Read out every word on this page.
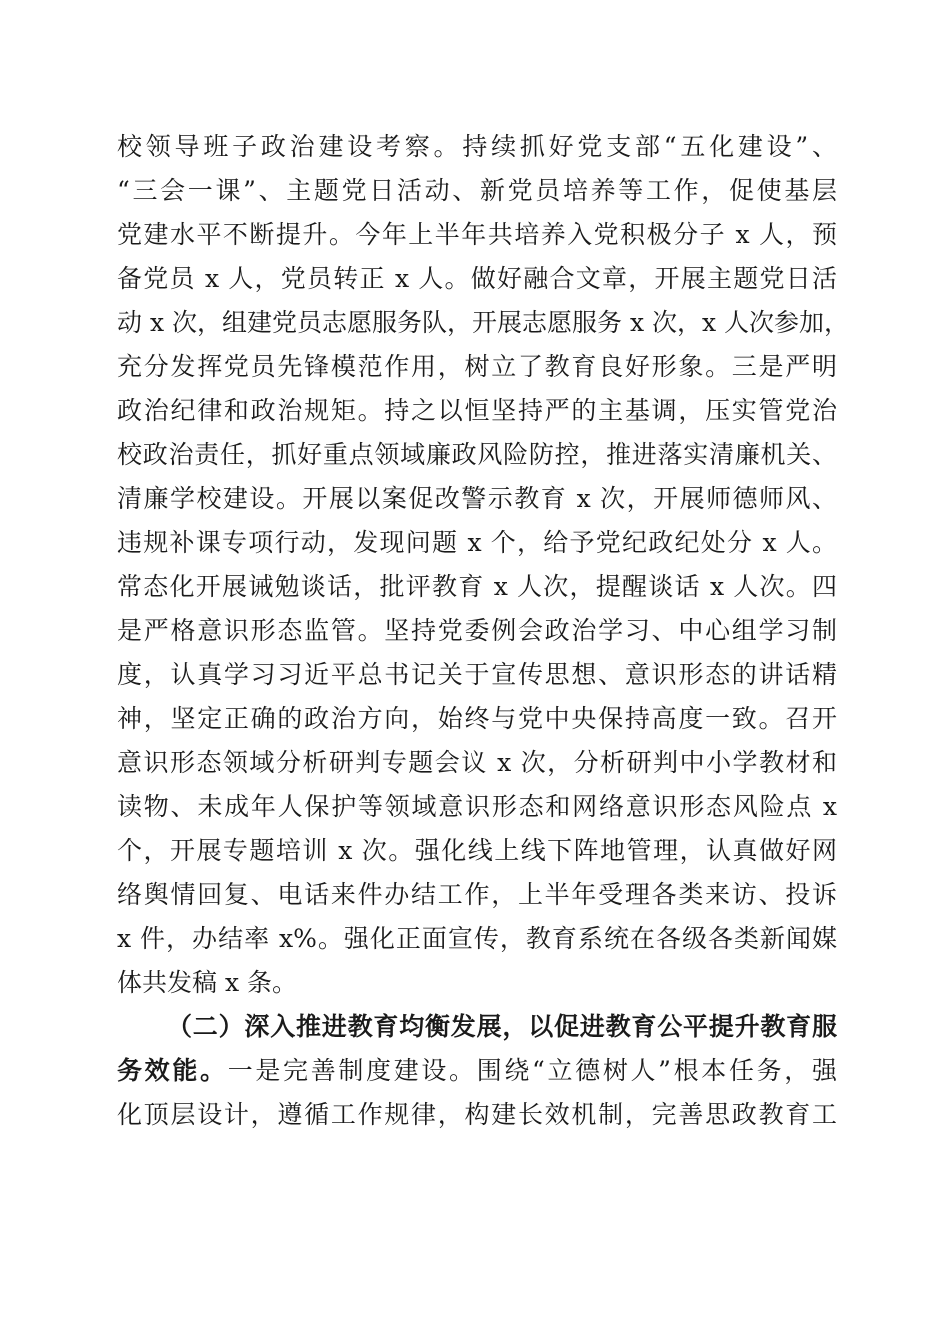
校领导班子政治建设考察。持续抓好党支部“五化建设”、
“三会一课”、主题党日活动、新党员培养等工作，促使基层
党建水平不断提升。今年上半年共培养入党积极分子 x 人，预
备党员 x 人，党员转正 x 人。做好融合文章，开展主题党日活
动 x 次，组建党员志愿服务队，开展志愿服务 x 次，x 人次参加，
充分发挥党员先锋模范作用，树立了教育良好形象。三是严明
政治纪律和政治规矩。持之以恒坚持严的主基调，压实管党治
校政治责任，抓好重点领域廉政风险防控，推进落实清廉机关、
清廉学校建设。开展以案促改警示教育 x 次，开展师德师风、
违规补课专项行动，发现问题 x 个，给予党纪政纪处分 x 人。
常态化开展诫勉谈话，批评教育 x 人次，提醒谈话 x 人次。四
是严格意识形态监管。坚持党委例会政治学习、中心组学习制
度，认真学习习近平总书记关于宣传思想、意识形态的讲话精
神，坚定正确的政治方向，始终与党中央保持高度一致。召开
意识形态领域分析研判专题会议 x 次，分析研判中小学教材和
读物、未成年人保护等领域意识形态和网络意识形态风险点 x
个，开展专题培训 x 次。强化线上线下阵地管理，认真做好网
络舆情回复、电话来件办结工作，上半年受理各类来访、投诉
x 件，办结率 x%。强化正面宣传，教育系统在各级各类新闻媒
体共发稿 x 条。
（二）深入推进教育均衡发展，以促进教育公平提升教育服
务效能。一是完善制度建设。围绕“立德树人”根本任务，强
化顶层设计，遵循工作规律，构建长效机制，完善思政教育工
